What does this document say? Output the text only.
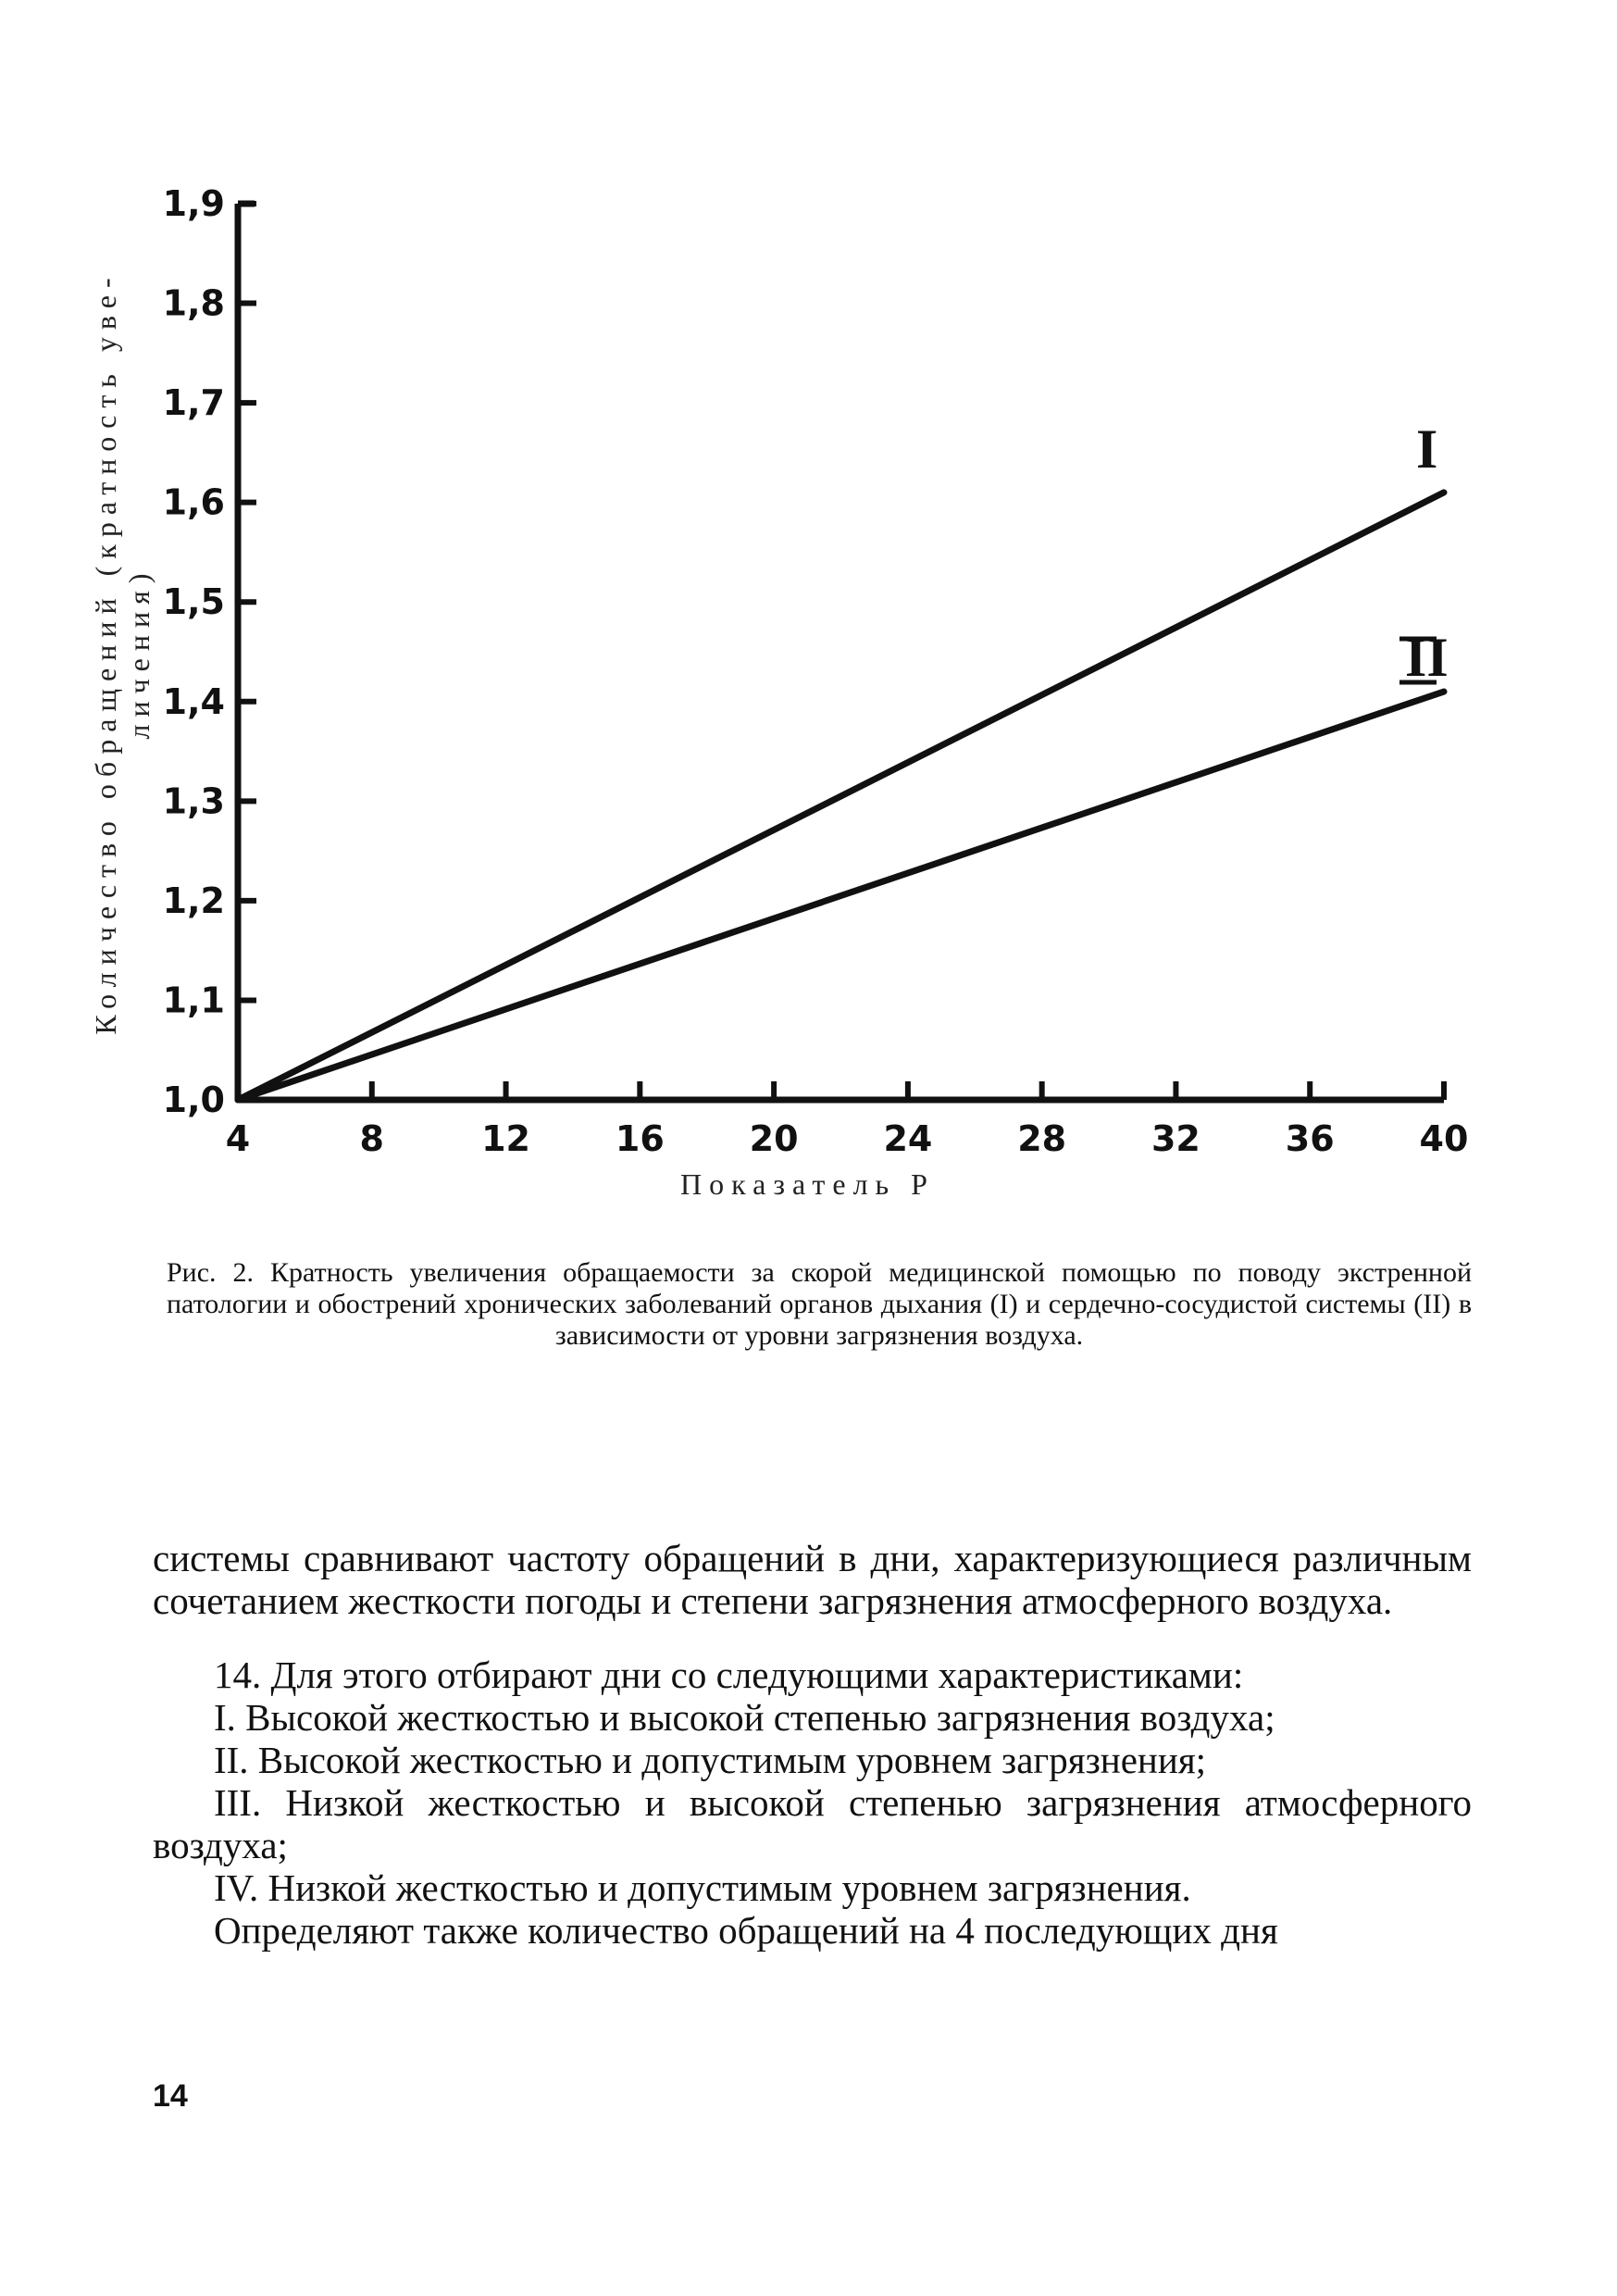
1,0
1,1
1,2
1,3
1,4
1,5
1,6
1,7
1,8
1,9
4	8	12 16 20 24 28 32 36 40
I
II
Показатель Р
Количество обращений (кратность уве- личения)
Рис. 2. Кратность увеличения обращаемости за скорой медицинской помощью по поводу экстренной патологии и обострений хронических заболеваний органов дыхания (I) и сердечно-сосудистой системы (II) в зависимости от уровни загрязнения воздуха.

системы сравнивают частоту обращений в дни, характеризующиеся различным сочетанием жесткости погоды и степени загрязнения атмосферного воздуха.

14. Для этого отбирают дни со следующими характеристиками:

I. Высокой жесткостью и высокой степенью загрязнения воздуха;

II. Высокой жесткостью и допустимым уровнем загрязнения;

III. Низкой жесткостью и высокой степенью загрязнения атмосферного воздуха;

IV. Низкой жесткостью и допустимым уровнем загрязнения.

Определяют также количество обращений на 4 последующих дня

14
